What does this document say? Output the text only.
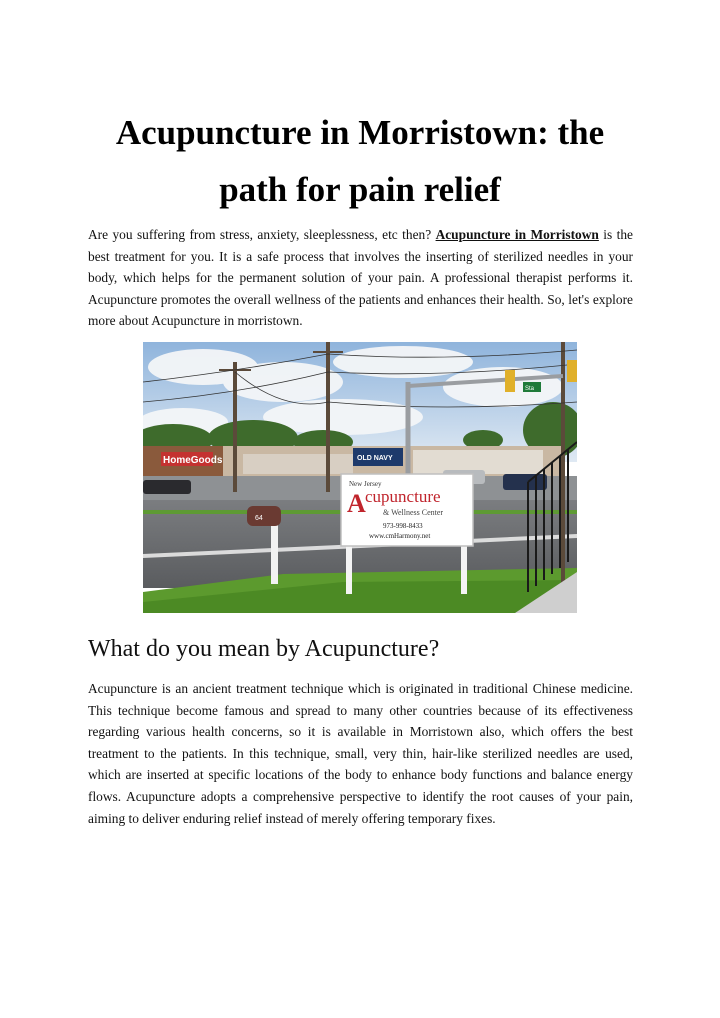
Acupuncture in Morristown: the path for pain relief

Are you suffering from stress, anxiety, sleeplessness, etc then? Acupuncture in Morristown is the best treatment for you. It is a safe process that involves the inserting of sterilized needles in your body, which helps for the permanent solution of your pain. A professional therapist performs it. Acupuncture promotes the overall wellness of the patients and enhances their health. So, let's explore more about Acupuncture in morristown.

HomeGoods	OLD NAVY
Sta
64
New Jersey
A cupuncture
& Wellness Center
973-998-8433
www.cmHarmony.net
What do you mean by Acupuncture?

Acupuncture is an ancient treatment technique which is originated in traditional Chinese medicine. This technique become famous and spread to many other countries because of its effectiveness regarding various health concerns, so it is available in Morristown also, which offers the best treatment to the patients. In this technique, small, very thin, hair-like sterilized needles are used, which are inserted at specific locations of the body to enhance body functions and balance energy flows. Acupuncture adopts a comprehensive perspective to identify the root causes of your pain, aiming to deliver enduring relief instead of merely offering temporary fixes.
